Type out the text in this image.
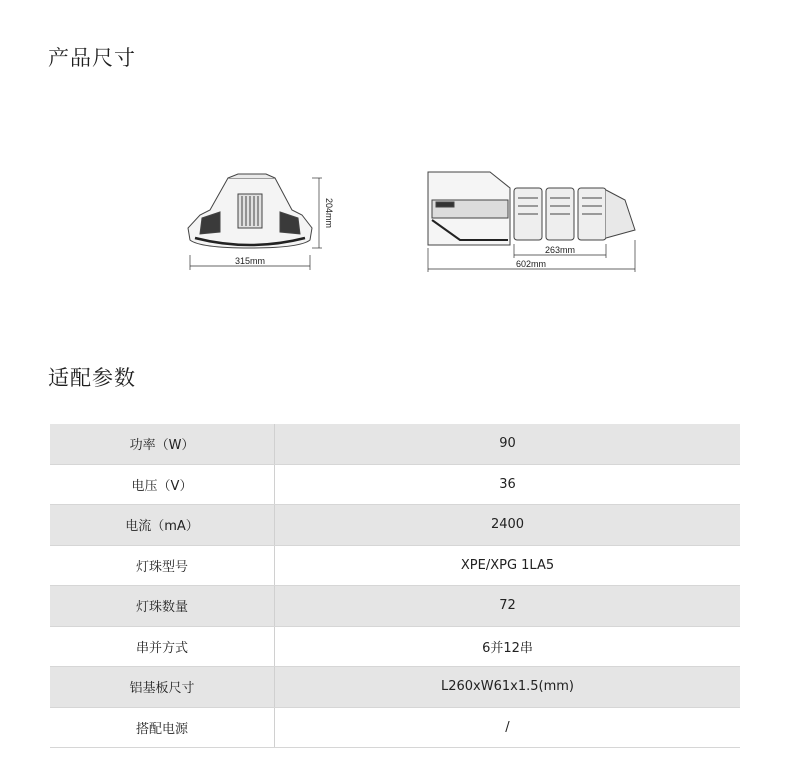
产品尺寸
315mm
204mm
263mm
602mm
适配参数
功率（W）	90
电压（V）	36
电流（mA）	2400
灯珠型号	XPE/XPG 1LA5
灯珠数量	72
串并方式	6并12串
铝基板尺寸	L260xW61x1.5(mm)
搭配电源	/
